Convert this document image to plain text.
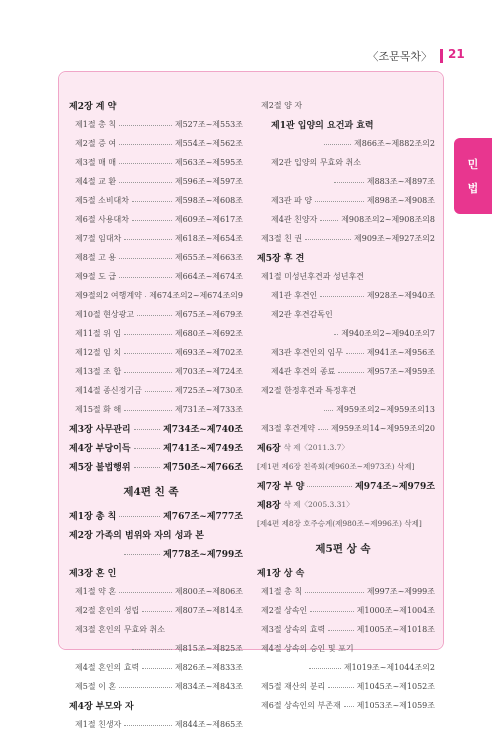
〈조문목차〉 21
민
법
제2장 계 약
제1절 총 칙	제527조~제553조
제2절 증 여	제554조~제562조
제3절 매 매	제563조~제595조
제4절 교 환	제596조~제597조
제5절 소비대차	제598조~제608조
제6절 사용대차	제609조~제617조
제7절 임대차	제618조~제654조
제8절 고 용	제655조~제663조
제9절 도 급	제664조~제674조
제9절의2 여행계약 제674조의2~제674조의9
제10절 현상광고	제675조~제679조
제11절 위 임	제680조~제692조
제12절 임 치	제693조~제702조
제13절 조 합	제703조~제724조
제14절 종신정기금	제725조~제730조
제15절 화 해	제731조~제733조
제3장 사무관리	제734조~제740조
제4장 부당이득	제741조~제749조
제5장 불법행위	제750조~제766조
제4편 친 족
제1장 총 칙	제767조~제777조
제2장 가족의 범위와 자의 성과 본
제778조~제799조
제3장 혼 인
제1절 약 혼	제800조~제806조
제2절 혼인의 성립	제807조~제814조
제3절 혼인의 무효와 취소
제815조~제825조
제4절 혼인의 효력	제826조~제833조
제5절 이 혼	제834조~제843조
제4장 부모와 자
제1절 친생자	제844조~제865조
제2절 양 자
제1관 입양의 요건과 효력
제866조~제882조의2
제2관 입양의 무효와 취소
제883조~제897조
제3관 파 양	제898조~제908조
제4관 친양자	제908조의2~제908조의8
제3절 친 권	제909조~제927조의2
제5장 후 견
제1절 미성년후견과 성년후견
제1관 후견인	제928조~제940조
제2관 후견감독인
제940조의2~제940조의7
제3관 후견인의 임무	제941조~제956조
제4관 후견의 종료	제957조~제959조
제2절 한정후견과 특정후견
제959조의2~제959조의13
제3절 후견계약 제959조의14~제959조의20
제6장 삭 제〈2011.3.7〉
[제1편 제6장 친족회(제960조~제973조) 삭제]
제7장 부 양	제974조~제979조
제8장 삭 제〈2005.3.31〉
[제4편 제8장 호주승계(제980조~제996조) 삭제]
제5편 상 속
제1장 상 속
제1절 총 칙	제997조~제999조
제2절 상속인	제1000조~제1004조
제3절 상속의 효력	제1005조~제1018조
제4절 상속의 승인 및 포기
제1019조~제1044조의2
제5절 재산의 분리	제1045조~제1052조
제6절 상속인의 부존재 제1053조~제1059조
